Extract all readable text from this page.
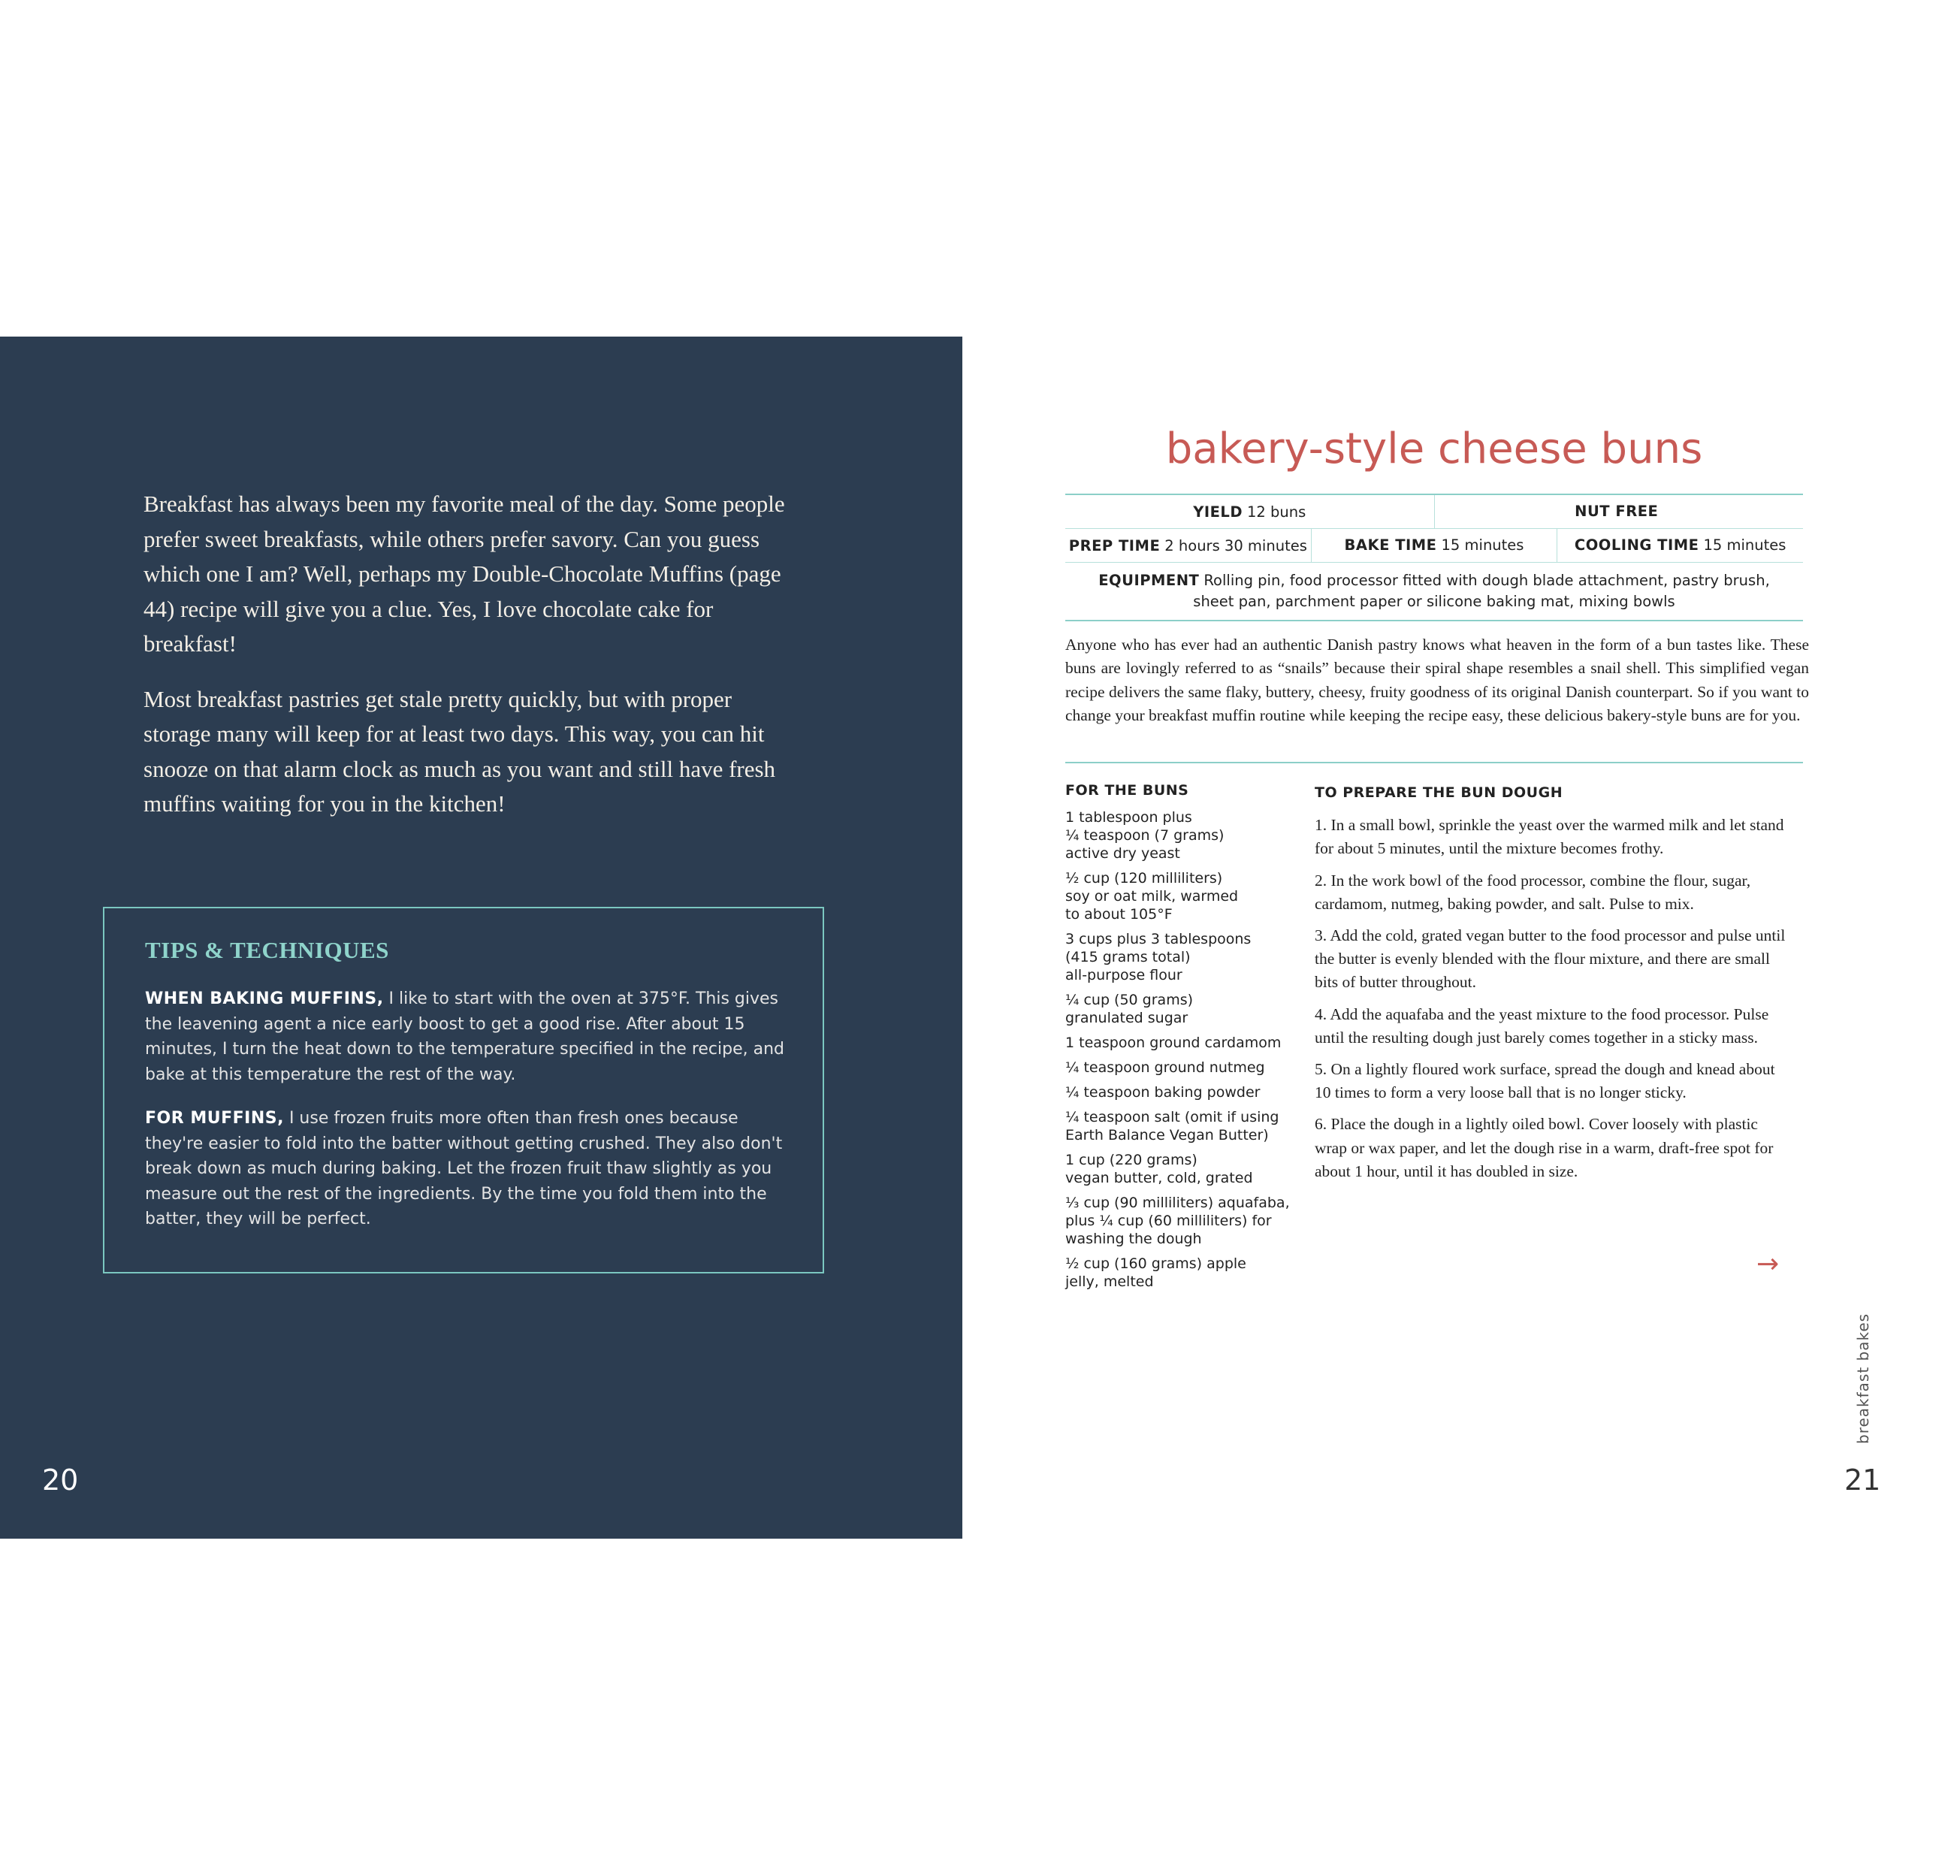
Breakfast has always been my favorite meal of the day. Some people prefer sweet breakfasts, while others prefer savory. Can you guess which one I am? Well, perhaps my Double-Chocolate Muffins (page 44) recipe will give you a clue. Yes, I love chocolate cake for breakfast!

Most breakfast pastries get stale pretty quickly, but with proper storage many will keep for at least two days. This way, you can hit snooze on that alarm clock as much as you want and still have fresh muffins waiting for you in the kitchen!

TIPS & TECHNIQUES

WHEN BAKING MUFFINS, I like to start with the oven at 375°F. This gives the leavening agent a nice early boost to get a good rise. After about 15 minutes, I turn the heat down to the temperature specified in the recipe, and bake at this temperature the rest of the way.

FOR MUFFINS, I use frozen fruits more often than fresh ones because they're easier to fold into the batter without getting crushed. They also don't break down as much during baking. Let the frozen fruit thaw slightly as you measure out the rest of the ingredients. By the time you fold them into the batter, they will be perfect.

20
bakery-style cheese buns
YIELD 12 buns	NUT FREE
PREP TIME 2 hours 30 minutes	BAKE TIME 15 minutes	COOLING TIME 15 minutes
EQUIPMENT Rolling pin, food processor fitted with dough blade attachment, pastry brush,
sheet pan, parchment paper or silicone baking mat, mixing bowls
Anyone who has ever had an authentic Danish pastry knows what heaven in the form of a bun tastes like. These buns are lovingly referred to as “snails” because their spiral shape resembles a snail shell. This simplified vegan recipe delivers the same flaky, buttery, cheesy, fruity goodness of its original Danish counterpart. So if you want to change your breakfast muffin routine while keeping the recipe easy, these delicious bakery-style buns are for you.
FOR THE BUNS
1 tablespoon plus
¼ teaspoon (7 grams)
active dry yeast
½ cup (120 milliliters)
soy or oat milk, warmed
to about 105°F
3 cups plus 3 tablespoons
(415 grams total)
all-purpose flour
¼ cup (50 grams)
granulated sugar
1 teaspoon ground cardamom
¼ teaspoon ground nutmeg
¼ teaspoon baking powder
¼ teaspoon salt (omit if using
Earth Balance Vegan Butter)
1 cup (220 grams)
vegan butter, cold, grated
⅓ cup (90 milliliters) aquafaba,
plus ¼ cup (60 milliliters) for
washing the dough
½ cup (160 grams) apple
jelly, melted
TO PREPARE THE BUN DOUGH

1. In a small bowl, sprinkle the yeast over the warmed milk and let stand for about 5 minutes, until the mixture becomes frothy.

2. In the work bowl of the food processor, combine the flour, sugar, cardamom, nutmeg, baking powder, and salt. Pulse to mix.

3. Add the cold, grated vegan butter to the food processor and pulse until the butter is evenly blended with the flour mixture, and there are small bits of butter throughout.

4. Add the aquafaba and the yeast mixture to the food processor. Pulse until the resulting dough just barely comes together in a sticky mass.

5. On a lightly floured work surface, spread the dough and knead about 10 times to form a very loose ball that is no longer sticky.

6. Place the dough in a lightly oiled bowl. Cover loosely with plastic wrap or wax paper, and let the dough rise in a warm, draft-free spot for about 1 hour, until it has doubled in size.

→
breakfast bakes
21
